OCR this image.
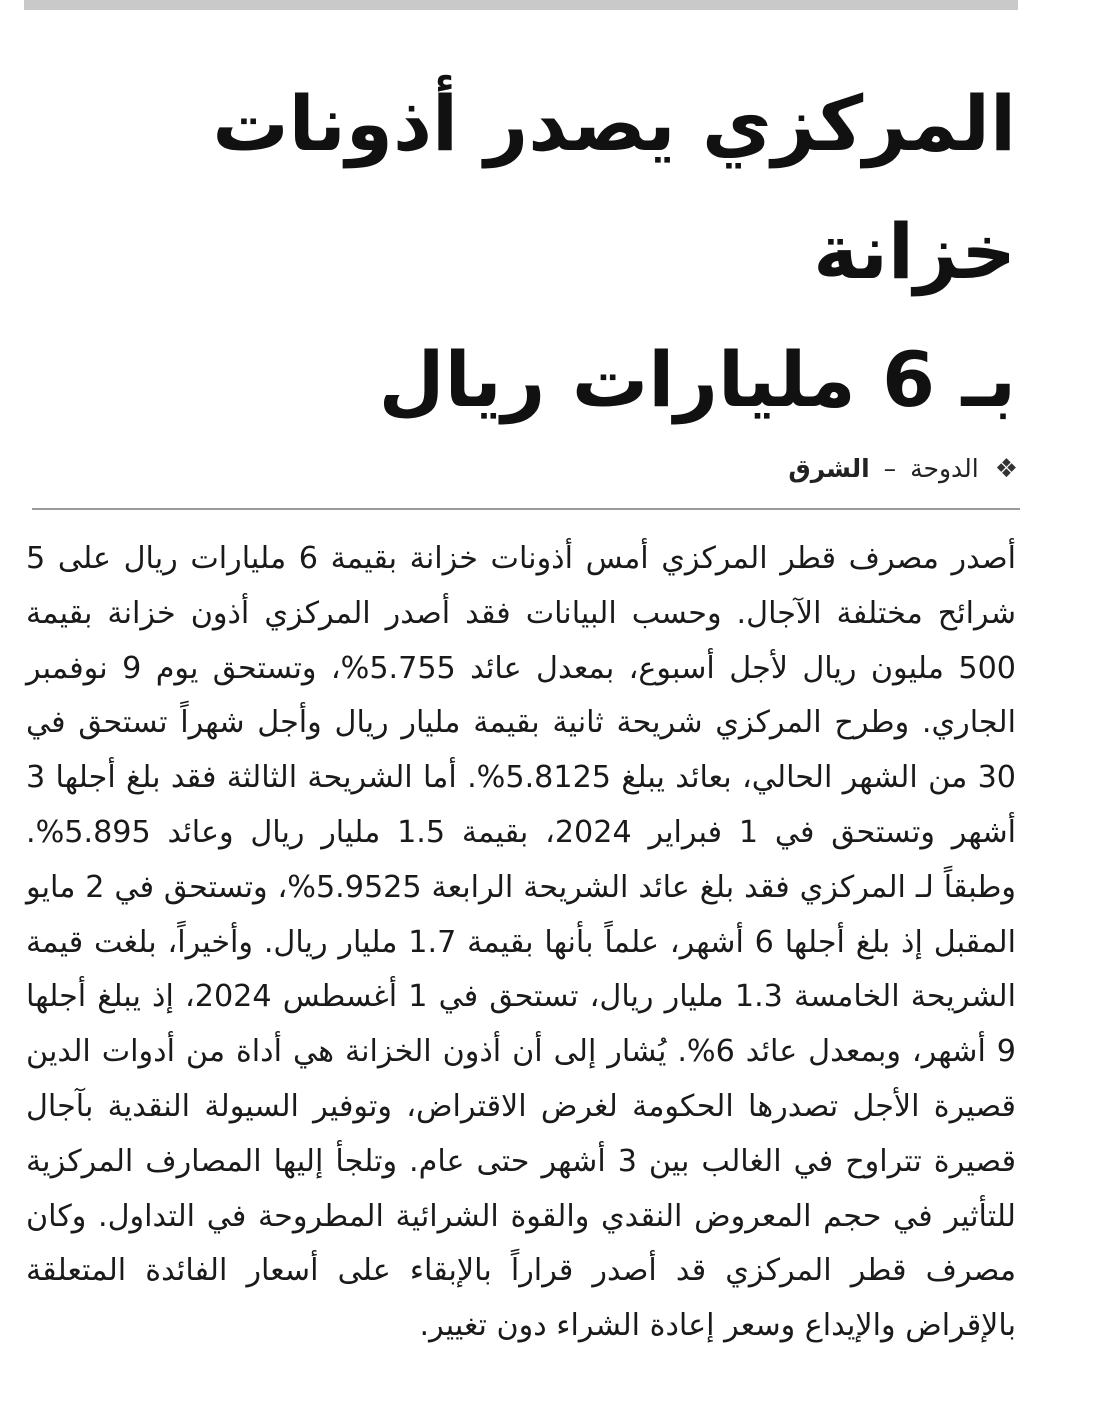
المركزي يصدر أذونات خزانة
بـ 6 مليارات ريال
❖ الدوحة – الشرق

أصدر مصرف قطر المركزي أمس أذونات خزانة بقيمة 6 مليارات ريال على 5 شرائح مختلفة الآجال. وحسب البيانات فقد أصدر المركزي أذون خزانة بقيمة 500 مليون ريال لأجل أسبوع، بمعدل عائد 5.755%، وتستحق يوم 9 نوفمبر الجاري. وطرح المركزي شريحة ثانية بقيمة مليار ريال وأجل شهراً تستحق في 30 من الشهر الحالي، بعائد يبلغ 5.8125%. أما الشريحة الثالثة فقد بلغ أجلها 3 أشهر وتستحق في 1 فبراير 2024، بقيمة 1.5 مليار ريال وعائد 5.895%. وطبقاً لـ المركزي فقد بلغ عائد الشريحة الرابعة 5.9525%، وتستحق في 2 مايو المقبل إذ بلغ أجلها 6 أشهر، علماً بأنها بقيمة 1.7 مليار ريال. وأخيراً، بلغت قيمة الشريحة الخامسة 1.3 مليار ريال، تستحق في 1 أغسطس 2024، إذ يبلغ أجلها 9 أشهر، وبمعدل عائد 6%. يُشار إلى أن أذون الخزانة هي أداة من أدوات الدين قصيرة الأجل تصدرها الحكومة لغرض الاقتراض، وتوفير السيولة النقدية بآجال قصيرة تتراوح في الغالب بين 3 أشهر حتى عام. وتلجأ إليها المصارف المركزية للتأثير في حجم المعروض النقدي والقوة الشرائية المطروحة في التداول. وكان مصرف قطر المركزي قد أصدر قراراً بالإبقاء على أسعار الفائدة المتعلقة بالإقراض والإيداع وسعر إعادة الشراء دون تغيير.
